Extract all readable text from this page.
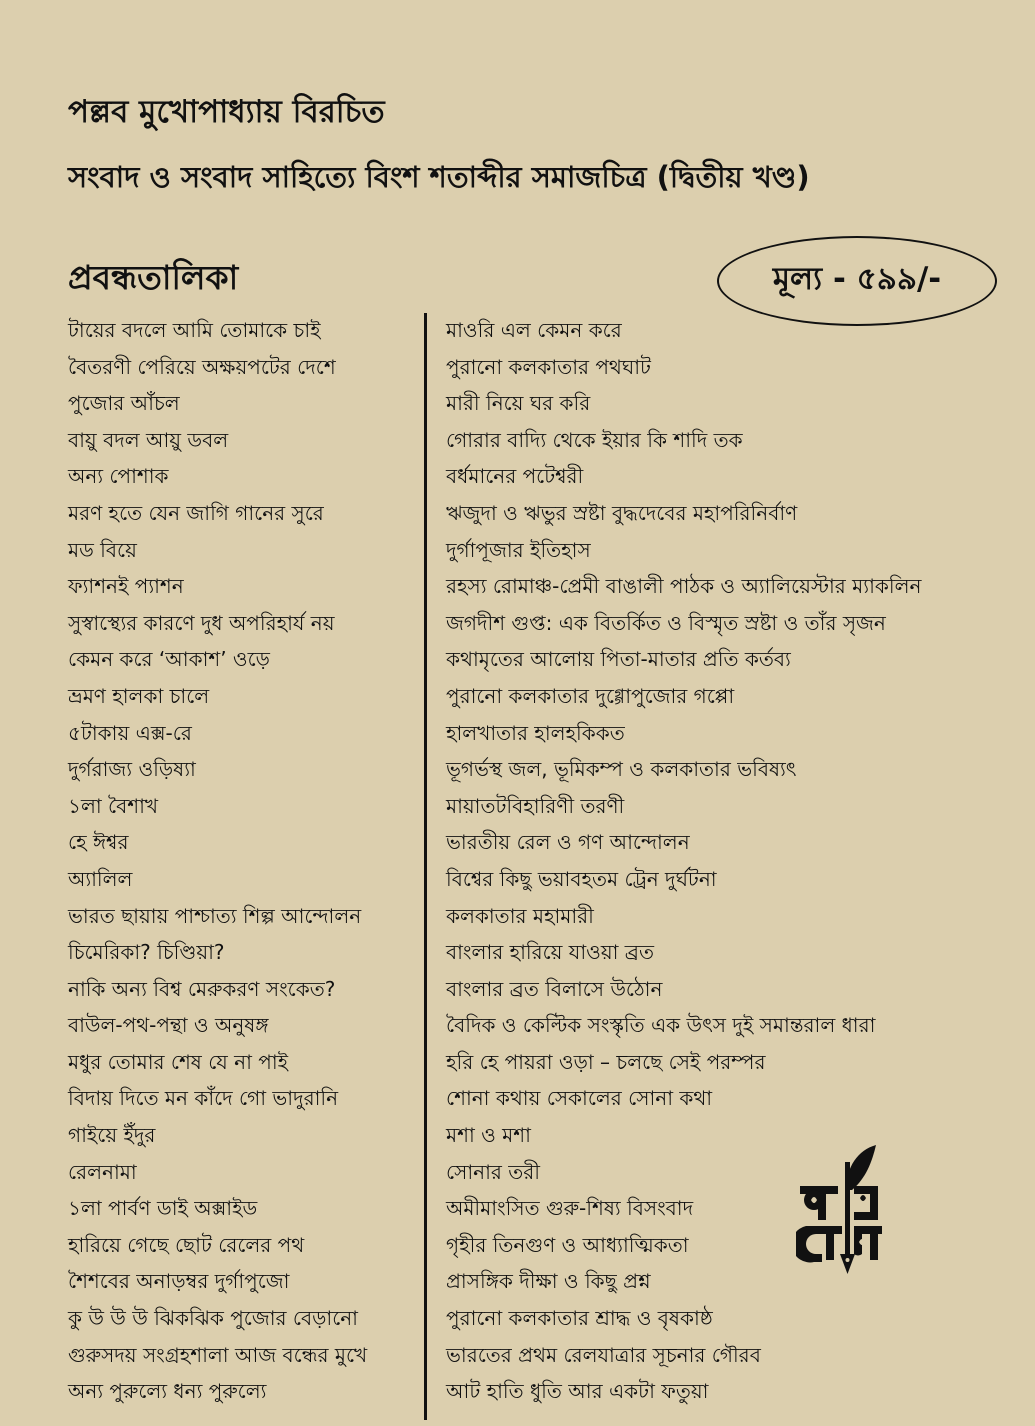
পল্লব মুখোপাধ্যায় বিরচিত
সংবাদ ও সংবাদ সাহিত্যে বিংশ শতাব্দীর সমাজচিত্র (দ্বিতীয় খণ্ড)
প্রবন্ধতালিকা	মূল্য - ৫৯৯/-
টায়ের বদলে আমি তোমাকে চাই
বৈতরণী পেরিয়ে অক্ষয়পটের দেশে
পুজোর আঁচল
বায়ু বদল আয়ু ডবল
অন্য পোশাক
মরণ হতে যেন জাগি গানের সুরে
মড বিয়ে
ফ্যাশনই প্যাশন
সুস্বাস্থ্যের কারণে দুধ অপরিহার্য নয়
কেমন করে ‘আকাশ’ ওড়ে
ভ্রমণ হালকা চালে
৫টাকায় এক্স-রে
দুর্গরাজ্য ওড়িষ্যা
১লা বৈশাখ
হে ঈশ্বর
অ্যালিল
ভারত ছায়ায় পাশ্চাত্য শিল্প আন্দোলন
চিমেরিকা? চিণ্ডিয়া?
নাকি অন্য বিশ্ব মেরুকরণ সংকেত?
বাউল-পথ-পন্থা ও অনুষঙ্গ
মধুর তোমার শেষ যে না পাই
বিদায় দিতে মন কাঁদে গো ভাদুরানি
গাইয়ে ইঁদুর
রেলনামা
১লা পার্বণ ডাই অক্সাইড
হারিয়ে গেছে ছোট রেলের পথ
শৈশবের অনাড়ম্বর দুর্গাপুজো
কু উ উ উ ঝিকঝিক পুজোর বেড়ানো
গুরুসদয় সংগ্রহশালা আজ বন্ধের মুখে
অন্য পুরুল্যে ধন্য পুরুল্যে
মাওরি এল কেমন করে
পুরানো কলকাতার পথঘাট
মারী নিয়ে ঘর করি
গোরার বাদ্যি থেকে ইয়ার কি শাদি তক
বর্ধমানের পটেশ্বরী
ঋজুদা ও ঋভুর স্রষ্টা বুদ্ধদেবের মহাপরিনির্বাণ
দুর্গাপূজার ইতিহাস
রহস্য রোমাঞ্চ-প্রেমী বাঙালী পাঠক ও অ্যালিয়েস্টার ম্যাকলিন
জগদীশ গুপ্ত: এক বিতর্কিত ও বিস্মৃত স্রষ্টা ও তাঁর সৃজন
কথামৃতের আলোয় পিতা-মাতার প্রতি কর্তব্য
পুরানো কলকাতার দুগ্গোপুজোর গপ্পো
হালখাতার হালহকিকত
ভূগর্ভস্থ জল, ভূমিকম্প ও কলকাতার ভবিষ্যৎ
মায়াতটবিহারিণী তরণী
ভারতীয় রেল ও গণ আন্দোলন
বিশ্বের কিছু ভয়াবহতম ট্রেন দুর্ঘটনা
কলকাতার মহামারী
বাংলার হারিয়ে যাওয়া ব্রত
বাংলার ব্রত বিলাসে উঠোন
বৈদিক ও কেল্টিক সংস্কৃতি এক উৎস দুই সমান্তরাল ধারা
হরি হে পায়রা ওড়া – চলছে সেই পরম্পর
শোনা কথায় সেকালের সোনা কথা
মশা ও মশা
সোনার তরী
অমীমাংসিত গুরু-শিষ্য বিসংবাদ
গৃহীর তিনগুণ ও আধ্যাত্মিকতা
প্রাসঙ্গিক দীক্ষা ও কিছু প্রশ্ন
পুরানো কলকাতার শ্রাদ্ধ ও বৃষকাষ্ঠ
ভারতের প্রথম রেলযাত্রার সূচনার গৌরব
আট হাতি ধুতি আর একটা ফতুয়া
